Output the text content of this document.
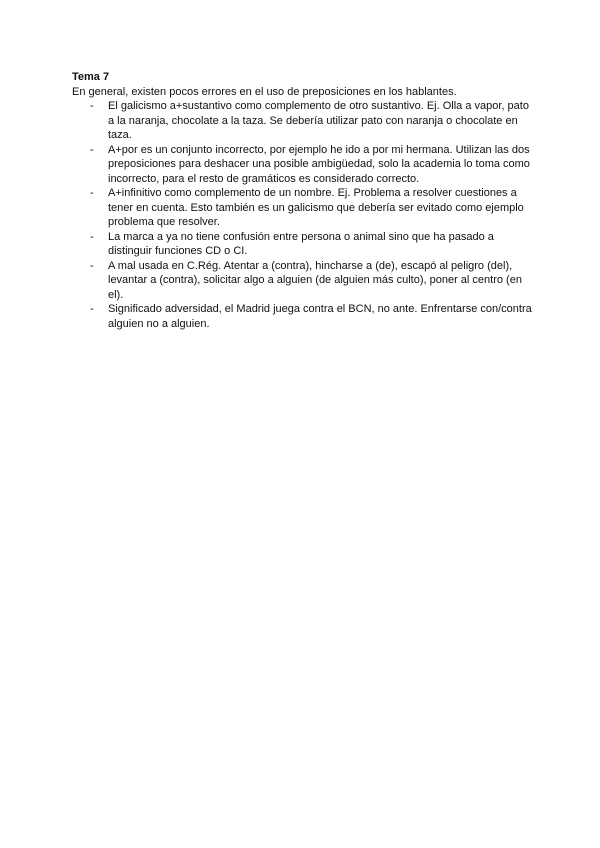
Tema 7

En general, existen pocos errores en el uso de preposiciones en los hablantes.

- El galicismo a+sustantivo como complemento de otro sustantivo. Ej. Olla a vapor, pato a la naranja, chocolate a la taza. Se debería utilizar pato con naranja o chocolate en taza.
- A+por es un conjunto incorrecto, por ejemplo he ido a por mi hermana. Utilizan las dos preposiciones para deshacer una posible ambigüedad, solo la academia lo toma como incorrecto, para el resto de gramáticos es considerado correcto.
- A+infinitivo como complemento de un nombre. Ej. Problema a resolver cuestiones a tener en cuenta. Esto también es un galicismo que debería ser evitado como ejemplo problema que resolver.
- La marca a ya no tiene confusión entre persona o animal sino que ha pasado a distinguir funciones CD o CI.
- A mal usada en C.Rég. Atentar a (contra), hincharse a (de), escapó al peligro (del), levantar a (contra), solicitar algo a alguien (de alguien más culto), poner al centro (en el).
- Significado adversidad, el Madrid juega contra el BCN, no ante. Enfrentarse con/contra alguien no a alguien.
